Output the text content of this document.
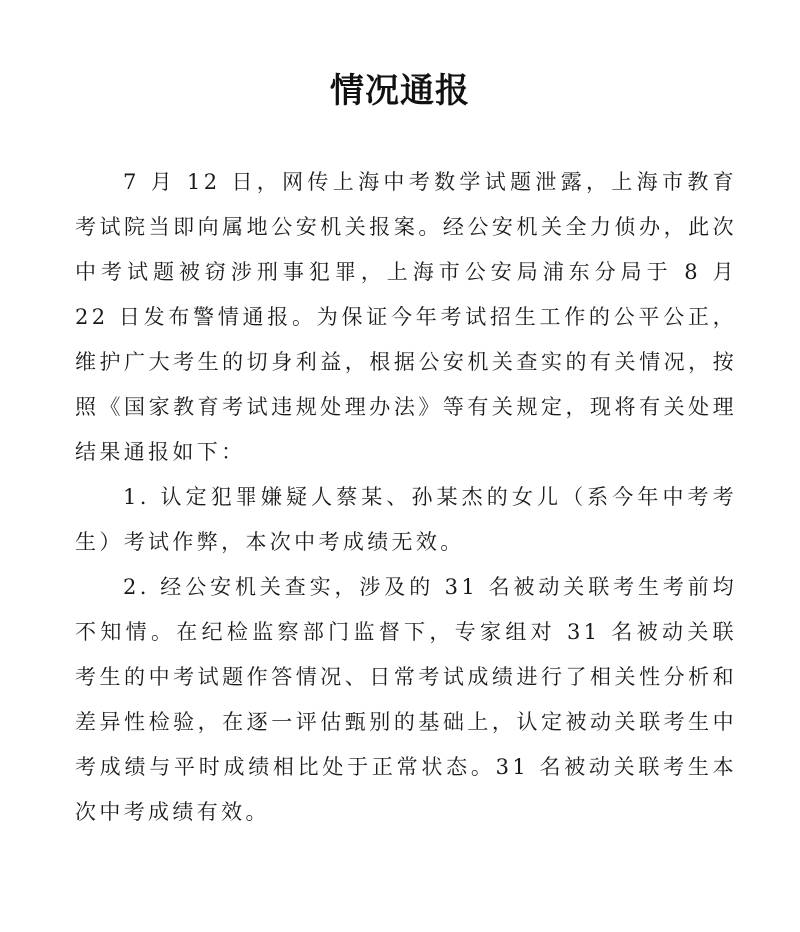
情况通报

7 月 12 日，网传上海中考数学试题泄露，上海市教育考试院当即向属地公安机关报案。经公安机关全力侦办，此次中考试题被窃涉刑事犯罪，上海市公安局浦东分局于 8 月 22 日发布警情通报。为保证今年考试招生工作的公平公正，维护广大考生的切身利益，根据公安机关查实的有关情况，按照《国家教育考试违规处理办法》等有关规定，现将有关处理结果通报如下：

1. 认定犯罪嫌疑人蔡某、孙某杰的女儿（系今年中考考生）考试作弊，本次中考成绩无效。

2. 经公安机关查实，涉及的 31 名被动关联考生考前均不知情。在纪检监察部门监督下，专家组对 31 名被动关联考生的中考试题作答情况、日常考试成绩进行了相关性分析和差异性检验，在逐一评估甄别的基础上，认定被动关联考生中考成绩与平时成绩相比处于正常状态。31 名被动关联考生本次中考成绩有效。
